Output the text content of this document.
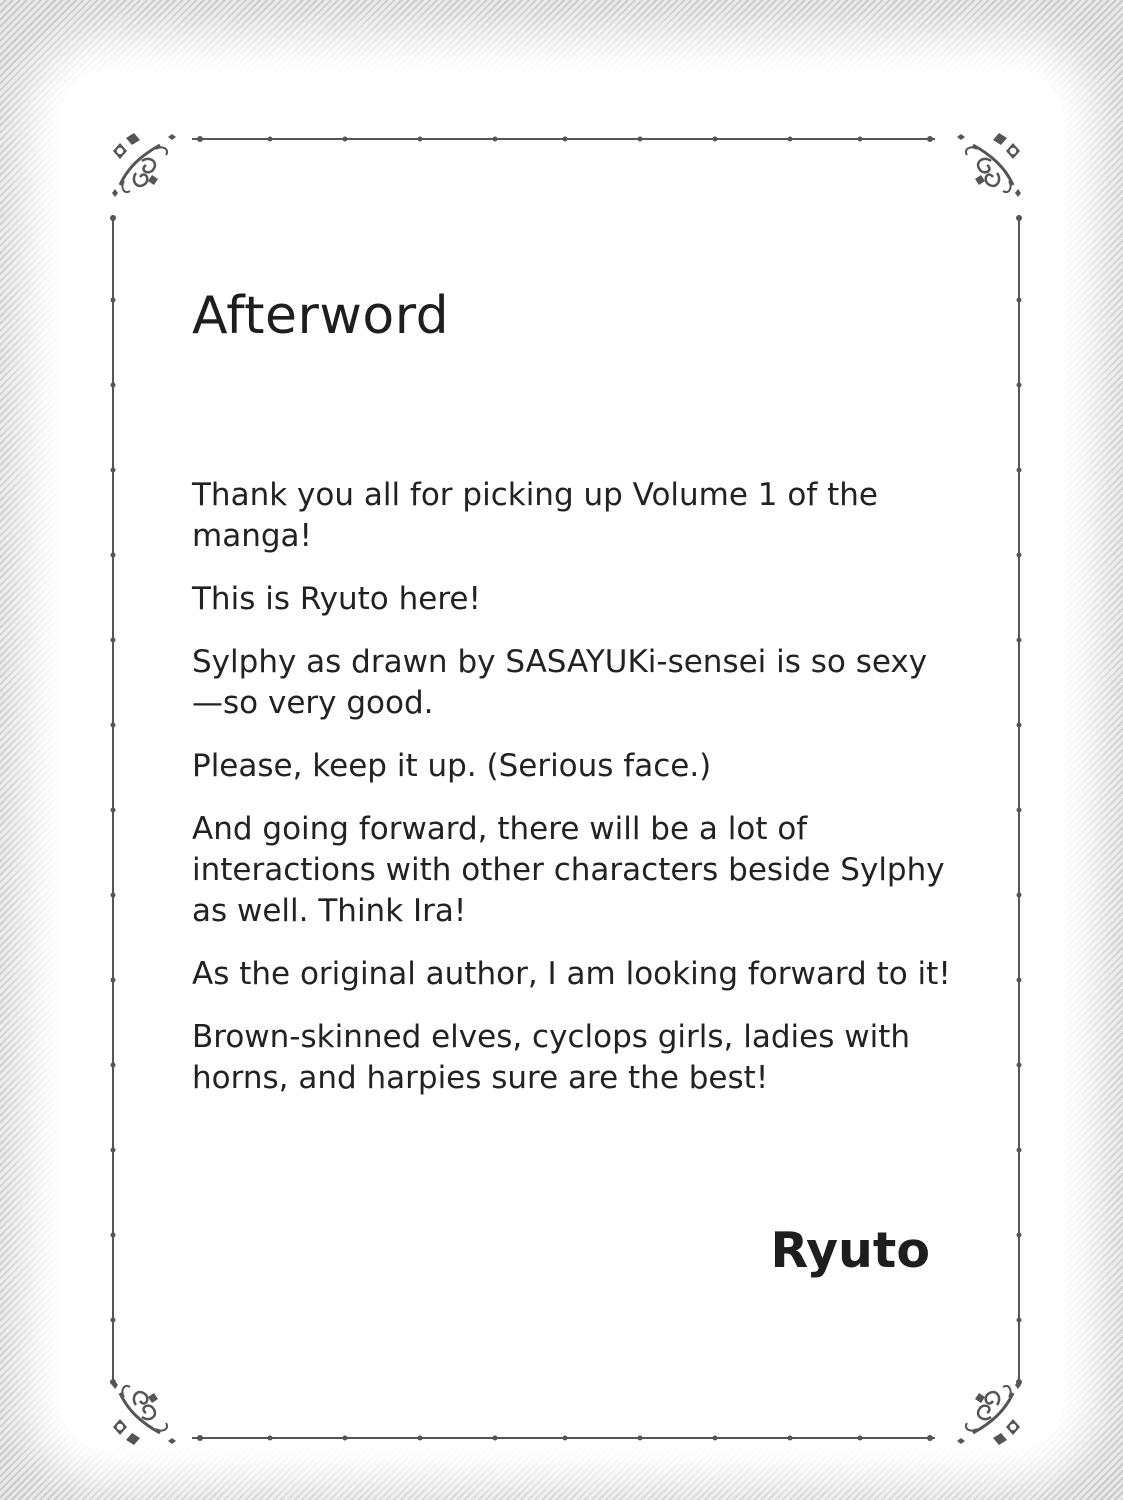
Afterword

Thank you all for picking up Volume 1 of the manga!

This is Ryuto here!

Sylphy as drawn by SASAYUKi-sensei is so sexy—so very good.

Please, keep it up. (Serious face.)

And going forward, there will be a lot of interactions with other characters beside Sylphy as well. Think Ira!

As the original author, I am looking forward to it!

Brown-skinned elves, cyclops girls, ladies with horns, and harpies sure are the best!

Ryuto
